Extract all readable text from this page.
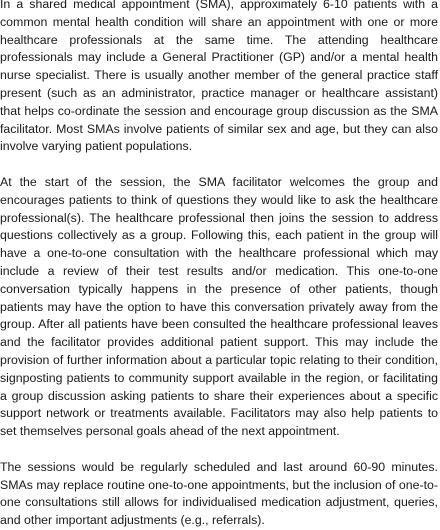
In a shared medical appointment (SMA), approximately 6-10 patients with a common mental health condition will share an appointment with one or more healthcare professionals at the same time. The attending healthcare professionals may include a General Practitioner (GP) and/or a mental health nurse specialist. There is usually another member of the general practice staff present (such as an administrator, practice manager or healthcare assistant) that helps co-ordinate the session and encourage group discussion as the SMA facilitator. Most SMAs involve patients of similar sex and age, but they can also involve varying patient populations.

At the start of the session, the SMA facilitator welcomes the group and encourages patients to think of questions they would like to ask the healthcare professional(s). The healthcare professional then joins the session to address questions collectively as a group. Following this, each patient in the group will have a one-to-one consultation with the healthcare professional which may include a review of their test results and/or medication. This one-to-one conversation typically happens in the presence of other patients, though patients may have the option to have this conversation privately away from the group. After all patients have been consulted the healthcare professional leaves and the facilitator provides additional patient support. This may include the provision of further information about a particular topic relating to their condition, signposting patients to community support available in the region, or facilitating a group discussion asking patients to share their experiences about a specific support network or treatments available. Facilitators may also help patients to set themselves personal goals ahead of the next appointment.

The sessions would be regularly scheduled and last around 60-90 minutes. SMAs may replace routine one-to-one appointments, but the inclusion of one-to-one consultations still allows for individualised medication adjustment, queries, and other important adjustments (e.g., referrals).
